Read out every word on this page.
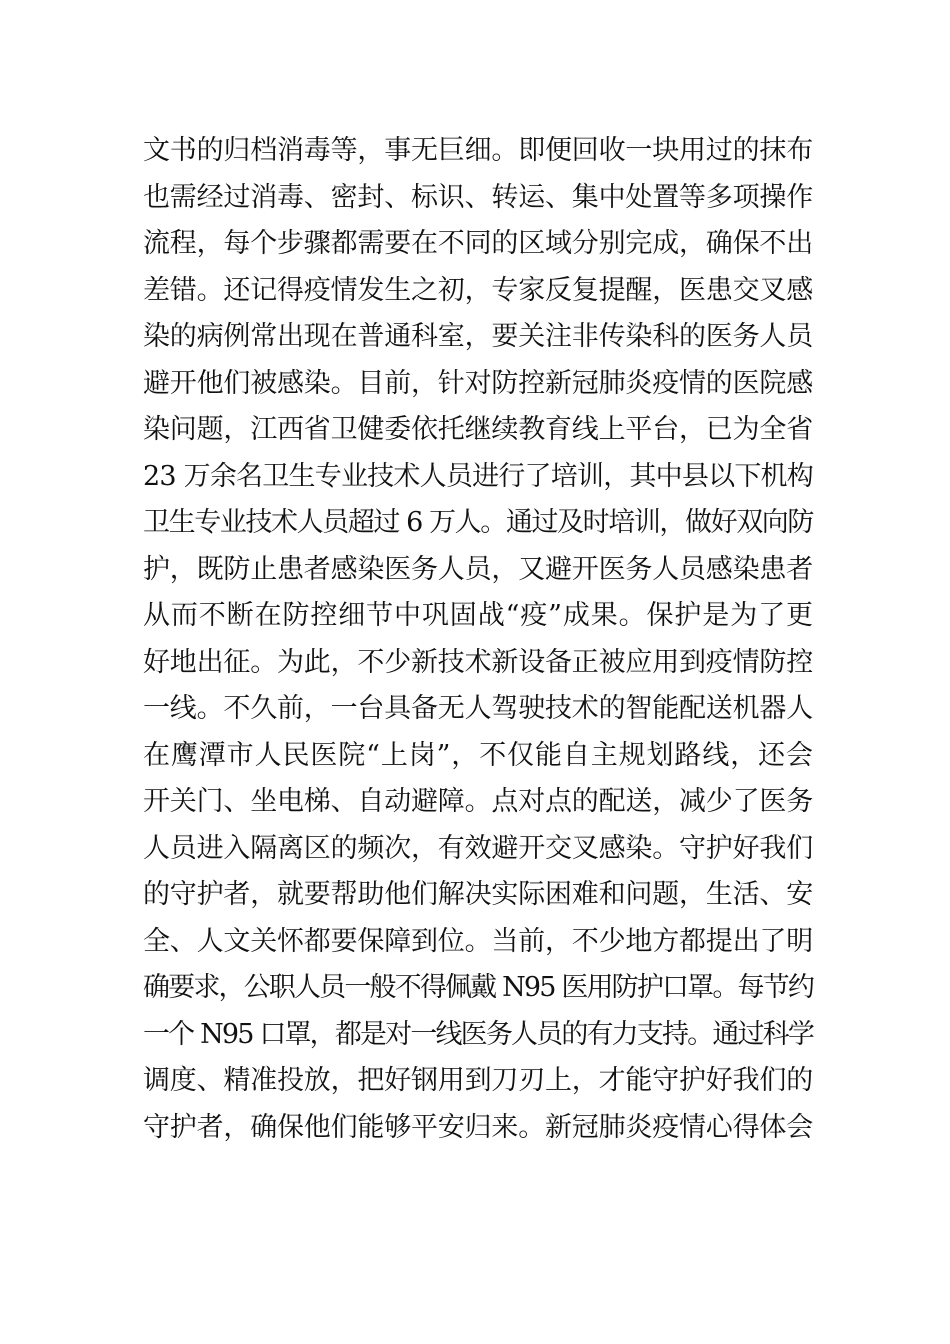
文书的归档消毒等，事无巨细。即便回收一块用过的抹布
也需经过消毒、密封、标识、转运、集中处置等多项操作
流程，每个步骤都需要在不同的区域分别完成，确保不出
差错。还记得疫情发生之初，专家反复提醒，医患交叉感
染的病例常出现在普通科室，要关注非传染科的医务人员
避开他们被感染。目前，针对防控新冠肺炎疫情的医院感
染问题，江西省卫健委依托继续教育线上平台，已为全省
23 万余名卫生专业技术人员进行了培训，其中县以下机构
卫生专业技术人员超过 6 万人。通过及时培训，做好双向防
护，既防止患者感染医务人员，又避开医务人员感染患者
从而不断在防控细节中巩固战“疫”成果。保护是为了更
好地出征。为此，不少新技术新设备正被应用到疫情防控
一线。不久前，一台具备无人驾驶技术的智能配送机器人
在鹰潭市人民医院“上岗”，不仅能自主规划路线，还会
开关门、坐电梯、自动避障。点对点的配送，减少了医务
人员进入隔离区的频次，有效避开交叉感染。守护好我们
的守护者，就要帮助他们解决实际困难和问题，生活、安
全、人文关怀都要保障到位。当前，不少地方都提出了明
确要求，公职人员一般不得佩戴 N95 医用防护口罩。每节约
一个 N95 口罩，都是对一线医务人员的有力支持。通过科学
调度、精准投放，把好钢用到刀刃上，才能守护好我们的
守护者，确保他们能够平安归来。新冠肺炎疫情心得体会
